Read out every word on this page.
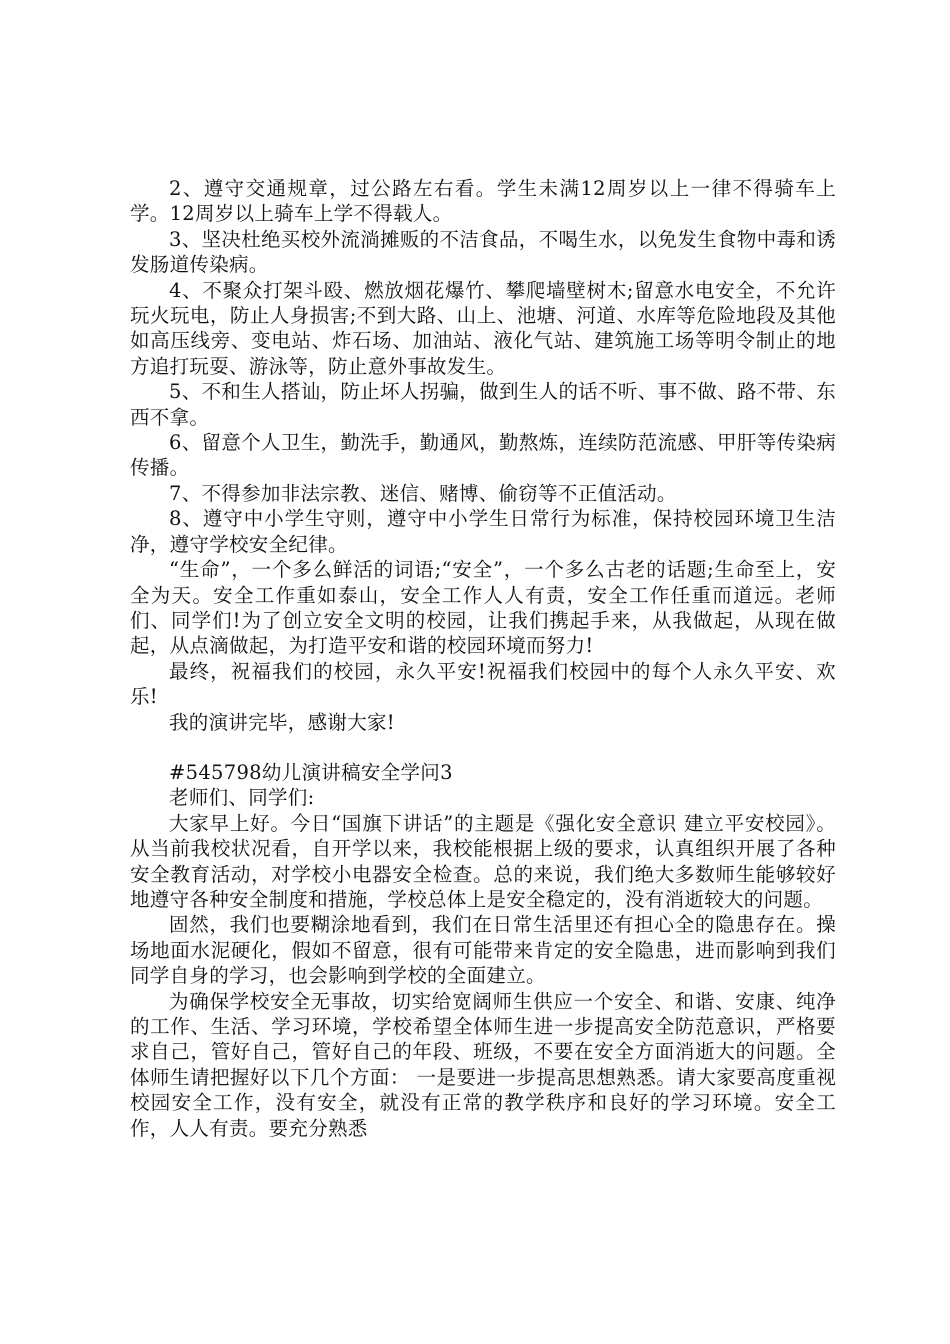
2、遵守交通规章，过公路左右看。学生未满12周岁以上一律不得骑车上学。12周岁以上骑车上学不得载人。

3、坚决杜绝买校外流淌摊贩的不洁食品，不喝生水，以免发生食物中毒和诱发肠道传染病。

4、不聚众打架斗殴、燃放烟花爆竹、攀爬墙壁树木;留意水电安全，不允许玩火玩电，防止人身损害;不到大路、山上、池塘、河道、水库等危险地段及其他如高压线旁、变电站、炸石场、加油站、液化气站、建筑施工场等明令制止的地方追打玩耍、游泳等，防止意外事故发生。

5、不和生人搭讪，防止坏人拐骗，做到生人的话不听、事不做、路不带、东西不拿。

6、留意个人卫生，勤洗手，勤通风，勤熬炼，连续防范流感、甲肝等传染病传播。

7、不得参加非法宗教、迷信、赌博、偷窃等不正值活动。

8、遵守中小学生守则，遵守中小学生日常行为标准，保持校园环境卫生洁净，遵守学校安全纪律。

“生命”，一个多么鲜活的词语;“安全”，一个多么古老的话题;生命至上，安全为天。安全工作重如泰山，安全工作人人有责，安全工作任重而道远。老师们、同学们!为了创立安全文明的校园，让我们携起手来，从我做起，从现在做起，从点滴做起，为打造平安和谐的校园环境而努力!

最终，祝福我们的校园，永久平安!祝福我们校园中的每个人永久平安、欢乐!

我的演讲完毕，感谢大家!

#545798幼儿演讲稿安全学问3

老师们、同学们:

大家早上好。今日“国旗下讲话”的主题是《强化安全意识 建立平安校园》。 从当前我校状况看，自开学以来，我校能根据上级的要求，认真组织开展了各种安全教育活动，对学校小电器安全检查。总的来说，我们绝大多数师生能够较好地遵守各种安全制度和措施，学校总体上是安全稳定的，没有消逝较大的问题。

固然，我们也要糊涂地看到，我们在日常生活里还有担心全的隐患存在。操场地面水泥硬化，假如不留意，很有可能带来肯定的安全隐患，进而影响到我们同学自身的学习，也会影响到学校的全面建立。

为确保学校安全无事故，切实给宽阔师生供应一个安全、和谐、安康、纯净的工作、生活、学习环境，学校希望全体师生进一步提高安全防范意识，严格要求自己，管好自己，管好自己的年段、班级，不要在安全方面消逝大的问题。全体师生请把握好以下几个方面： 一是要进一步提高思想熟悉。请大家要高度重视校园安全工作，没有安全，就没有正常的教学秩序和良好的学习环境。安全工作，人人有责。要充分熟悉
